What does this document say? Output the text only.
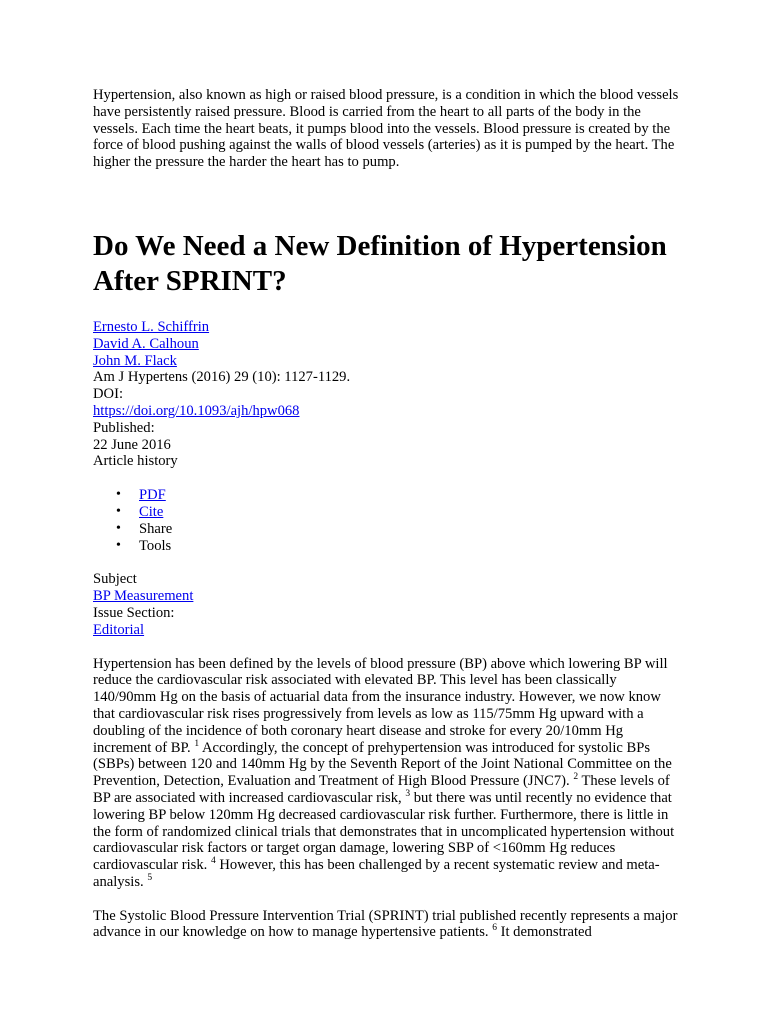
Hypertension, also known as high or raised blood pressure, is a condition in which the blood vessels have persistently raised pressure. Blood is carried from the heart to all parts of the body in the vessels. Each time the heart beats, it pumps blood into the vessels. Blood pressure is created by the force of blood pushing against the walls of blood vessels (arteries) as it is pumped by the heart. The higher the pressure the harder the heart has to pump.

Do We Need a New Definition of Hypertension After SPRINT?
Ernesto L. Schiffrin
David A. Calhoun
John M. Flack
Am J Hypertens (2016) 29 (10): 1127-1129.
DOI:
https://doi.org/10.1093/ajh/hpw068
Published:
22 June 2016
Article history
• PDF
• Cite
• Share
• Tools
Subject
BP Measurement
Issue Section:
Editorial

Hypertension has been defined by the levels of blood pressure (BP) above which lowering BP will reduce the cardiovascular risk associated with elevated BP. This level has been classically 140/90mm Hg on the basis of actuarial data from the insurance industry. However, we now know that cardiovascular risk rises progressively from levels as low as 115/75mm Hg upward with a doubling of the incidence of both coronary heart disease and stroke for every 20/10mm Hg increment of BP. $^1$ Accordingly, the concept of prehypertension was introduced for systolic BPs (SBPs) between 120 and 140mm Hg by the Seventh Report of the Joint National Committee on the Prevention, Detection, Evaluation and Treatment of High Blood Pressure (JNC7). $^2$ These levels of BP are associated with increased cardiovascular risk, $^3$ but there was until recently no evidence that lowering BP below 120mm Hg decreased cardiovascular risk further. Furthermore, there is little in the form of randomized clinical trials that demonstrates that in uncomplicated hypertension without cardiovascular risk factors or target organ damage, lowering SBP of <160mm Hg reduces cardiovascular risk. $^4$ However, this has been challenged by a recent systematic review and meta-analysis. $^5$

The Systolic Blood Pressure Intervention Trial (SPRINT) trial published recently represents a major advance in our knowledge on how to manage hypertensive patients. $^6$ It demonstrated
